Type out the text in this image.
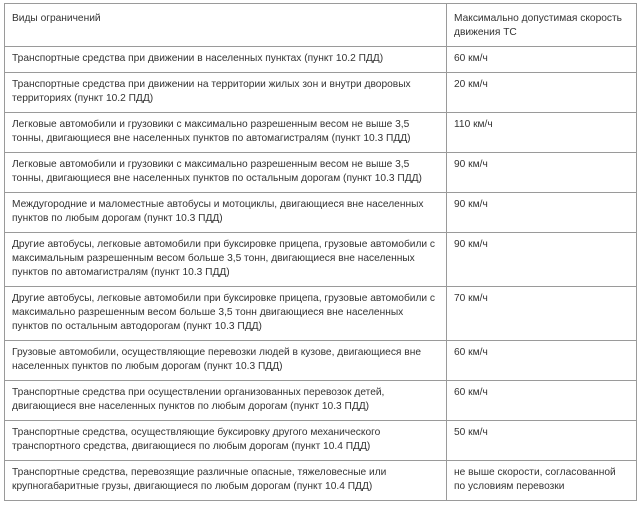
Виды ограничений	Максимально допустимая скорость движения ТС
Транспортные средства при движении в населенных пунктах (пункт 10.2 ПДД)	60 км/ч
Транспортные средства при движении на территории жилых зон и внутри дворовых территориях (пункт 10.2 ПДД)	20 км/ч
Легковые автомобили и грузовики с максимально разрешенным весом не выше 3,5 тонны, двигающиеся вне населенных пунктов по автомагистралям (пункт 10.3 ПДД)	110 км/ч
Легковые автомобили и грузовики с максимально разрешенным весом не выше 3,5 тонны, двигающиеся вне населенных пунктов по остальным дорогам (пункт 10.3 ПДД)	90 км/ч
Междугородние и маломестные автобусы и мотоциклы, двигающиеся вне населенных пунктов по любым дорогам (пункт 10.3 ПДД)	90 км/ч
Другие автобусы, легковые автомобили при буксировке прицепа, грузовые автомобили с максимальным разрешенным весом больше 3,5 тонн, двигающиеся вне населенных пунктов по автомагистралям (пункт 10.3 ПДД)	90 км/ч
Другие автобусы, легковые автомобили при буксировке прицепа, грузовые автомобили с максимально разрешенным весом больше 3,5 тонн двигающиеся вне населенных пунктов по остальным автодорогам (пункт 10.3 ПДД)	70 км/ч
Грузовые автомобили, осуществляющие перевозки людей в кузове, двигающиеся вне населенных пунктов по любым дорогам (пункт 10.3 ПДД)	60 км/ч
Транспортные средства при осуществлении организованных перевозок детей, двигающиеся вне населенных пунктов по любым дорогам (пункт 10.3 ПДД)	60 км/ч
Транспортные средства, осуществляющие буксировку другого механического транспортного средства, двигающиеся по любым дорогам (пункт 10.4 ПДД)	50 км/ч
Транспортные средства, перевозящие различные опасные, тяжеловесные или крупногабаритные грузы, двигающиеся по любым дорогам (пункт 10.4 ПДД)	не выше скорости, согласованной по условиям перевозки
